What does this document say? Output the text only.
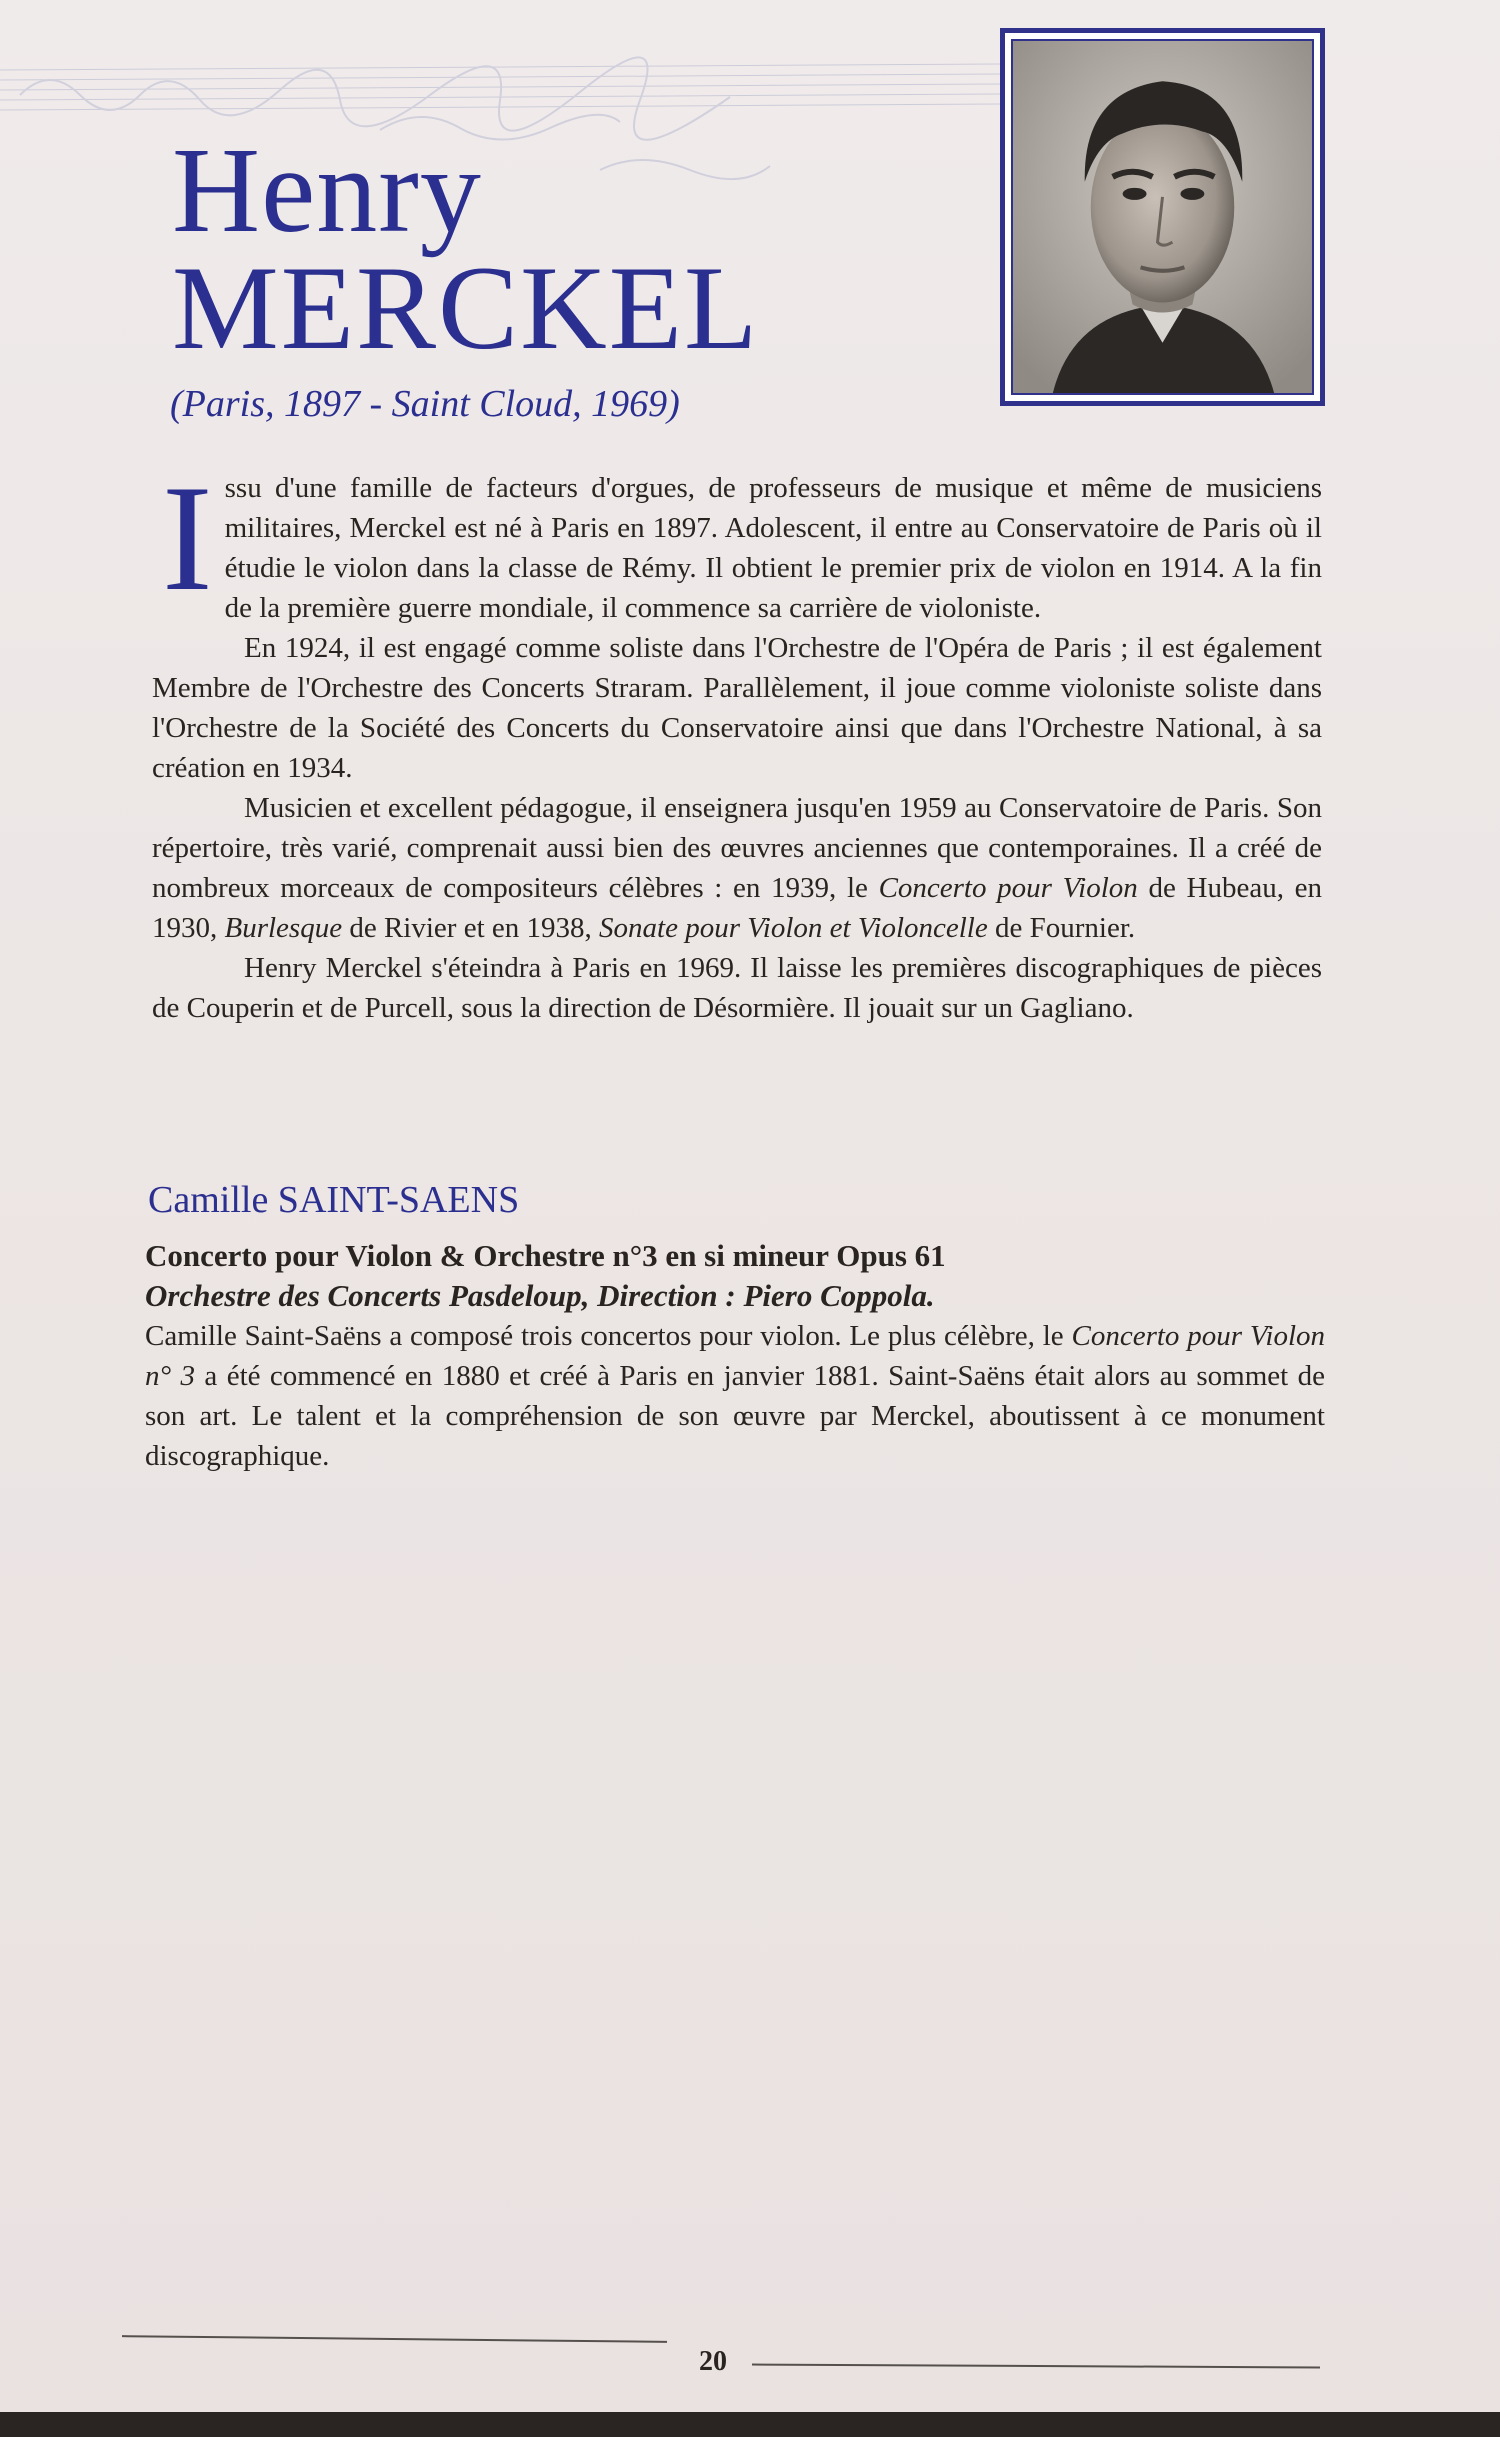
Henry
MERCKEL
(Paris, 1897 - Saint Cloud, 1969)

Issu d'une famille de facteurs d'orgues, de professeurs de musique et même de musiciens militaires, Merckel est né à Paris en 1897. Adolescent, il entre au Conservatoire de Paris où il étudie le violon dans la classe de Rémy. Il obtient le premier prix de violon en 1914. A la fin de la première guerre mondiale, il commence sa carrière de violoniste.

En 1924, il est engagé comme soliste dans l'Orchestre de l'Opéra de Paris ; il est également Membre de l'Orchestre des Concerts Straram. Parallèlement, il joue comme violoniste soliste dans l'Orchestre de la Société des Concerts du Conservatoire ainsi que dans l'Orchestre National, à sa création en 1934.

Musicien et excellent pédagogue, il enseignera jusqu'en 1959 au Conservatoire de Paris. Son répertoire, très varié, comprenait aussi bien des œuvres anciennes que contemporaines. Il a créé de nombreux morceaux de compositeurs célèbres : en 1939, le Concerto pour Violon de Hubeau, en 1930, Burlesque de Rivier et en 1938, Sonate pour Violon et Violoncelle de Fournier.

Henry Merckel s'éteindra à Paris en 1969. Il laisse les premières discographiques de pièces de Couperin et de Purcell, sous la direction de Désormière. Il jouait sur un Gagliano.

Camille SAINT-SAENS

Concerto pour Violon & Orchestre n°3 en si mineur Opus 61

Orchestre des Concerts Pasdeloup, Direction : Piero Coppola.

Camille Saint-Saëns a composé trois concertos pour violon. Le plus célèbre, le Concerto pour Violon n° 3 a été commencé en 1880 et créé à Paris en janvier 1881. Saint-Saëns était alors au sommet de son art. Le talent et la compréhension de son œuvre par Merckel, aboutissent à ce monument discographique.

20
